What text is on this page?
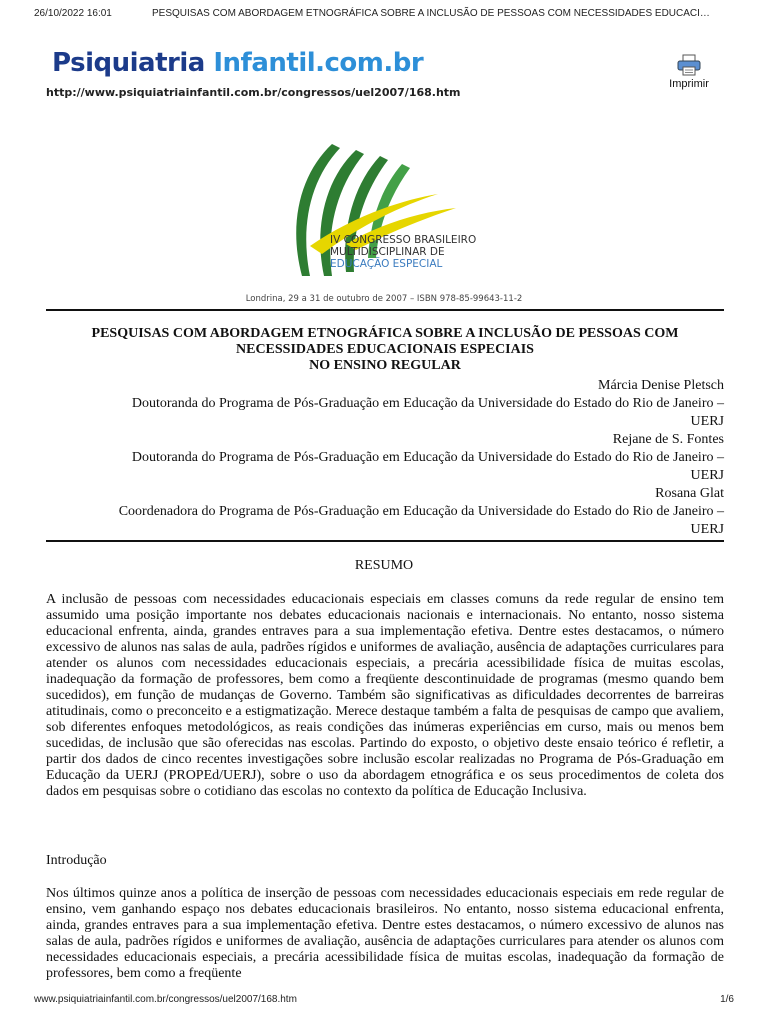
26/10/2022 16:01	PESQUISAS COM ABORDAGEM ETNOGRÁFICA SOBRE A INCLUSÃO DE PESSOAS COM NECESSIDADES EDUCACI…
Psiquiatria Infantil.com.br
Imprimir
http://www.psiquiatriainfantil.com.br/congressos/uel2007/168.htm
IV CONGRESSO BRASILEIRO
MULTIDISCIPLINAR DE
EDUCAÇÃO ESPECIAL
Londrina, 29 a 31 de outubro de 2007 – ISBN 978-85-99643-11-2
PESQUISAS COM ABORDAGEM ETNOGRÁFICA SOBRE A INCLUSÃO DE PESSOAS COM
NECESSIDADES EDUCACIONAIS ESPECIAIS
NO ENSINO REGULAR
Márcia Denise Pletsch
Doutoranda do Programa de Pós-Graduação em Educação da Universidade do Estado do Rio de Janeiro –
UERJ
Rejane de S. Fontes
Doutoranda do Programa de Pós-Graduação em Educação da Universidade do Estado do Rio de Janeiro –
UERJ
Rosana Glat
Coordenadora do Programa de Pós-Graduação em Educação da Universidade do Estado do Rio de Janeiro –
UERJ
RESUMO
A inclusão de pessoas com necessidades educacionais especiais em classes comuns da rede regular de ensino tem assumido uma posição importante nos debates educacionais nacionais e internacionais. No entanto, nosso sistema educacional enfrenta, ainda, grandes entraves para a sua implementação efetiva. Dentre estes destacamos, o número excessivo de alunos nas salas de aula, padrões rígidos e uniformes de avaliação, ausência de adaptações curriculares para atender os alunos com necessidades educacionais especiais, a precária acessibilidade física de muitas escolas, inadequação da formação de professores, bem como a freqüente descontinuidade de programas (mesmo quando bem sucedidos), em função de mudanças de Governo. Também são significativas as dificuldades decorrentes de barreiras atitudinais, como o preconceito e a estigmatização. Merece destaque também a falta de pesquisas de campo que avaliem, sob diferentes enfoques metodológicos, as reais condições das inúmeras experiências em curso, mais ou menos bem sucedidas, de inclusão que são oferecidas nas escolas. Partindo do exposto, o objetivo deste ensaio teórico é refletir, a partir dos dados de cinco recentes investigações sobre inclusão escolar realizadas no Programa de Pós-Graduação em Educação da UERJ (PROPEd/UERJ), sobre o uso da abordagem etnográfica e os seus procedimentos de coleta dos dados em pesquisas sobre o cotidiano das escolas no contexto da política de Educação Inclusiva.
Introdução
Nos últimos quinze anos a política de inserção de pessoas com necessidades educacionais especiais em rede regular de ensino, vem ganhando espaço nos debates educacionais brasileiros. No entanto, nosso sistema educacional enfrenta, ainda, grandes entraves para a sua implementação efetiva. Dentre estes destacamos, o número excessivo de alunos nas salas de aula, padrões rígidos e uniformes de avaliação, ausência de adaptações curriculares para atender os alunos com necessidades educacionais especiais, a precária acessibilidade física de muitas escolas, inadequação da formação de professores, bem como a freqüente
www.psiquiatriainfantil.com.br/congressos/uel2007/168.htm	1/6
